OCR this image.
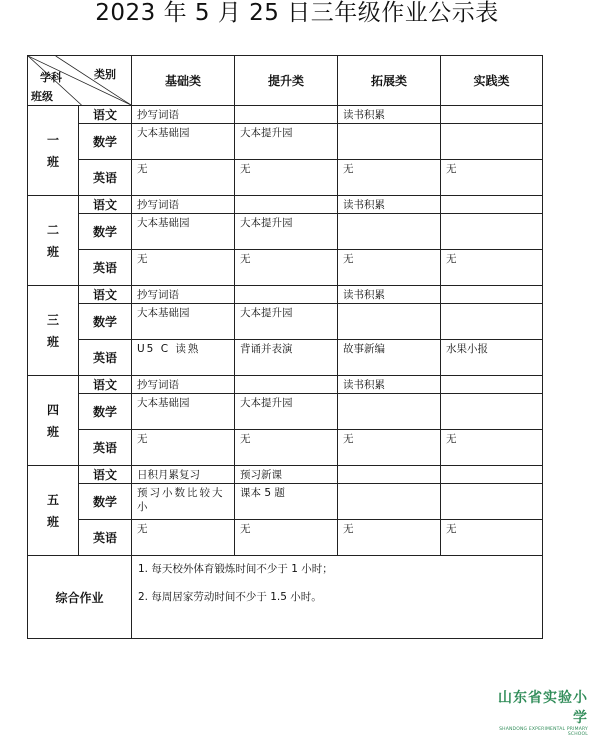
2023 年 5 月 25 日三年级作业公示表
类别
学科
班级		基础类	提升类	拓展类	实践类
一班	语文	抄写词语		读书积累	
	数学	大本基础园	大本提升园		
	英语	无	无	无	无
二班	语文	抄写词语		读书积累	
	数学	大本基础园	大本提升园		
	英语	无	无	无	无
三班	语文	抄写词语		读书积累	
	数学	大本基础园	大本提升园		
	英语	U5 C 读熟	背诵并表演	故事新编	水果小报
四班	语文	抄写词语		读书积累	
	数学	大本基础园	大本提升园		
	英语	无	无	无	无
五班	语文	日积月累复习	预习新课		
	数学	预习小数比较大小	课本 5 题		
	英语	无	无	无	无
综合作业		1. 每天校外体育锻炼时间不少于 1 小时；
2. 每周居家劳动时间不少于 1.5 小时。			
山东省实验小学
SHANDONG EXPERIMENTAL PRIMARY SCHOOL
